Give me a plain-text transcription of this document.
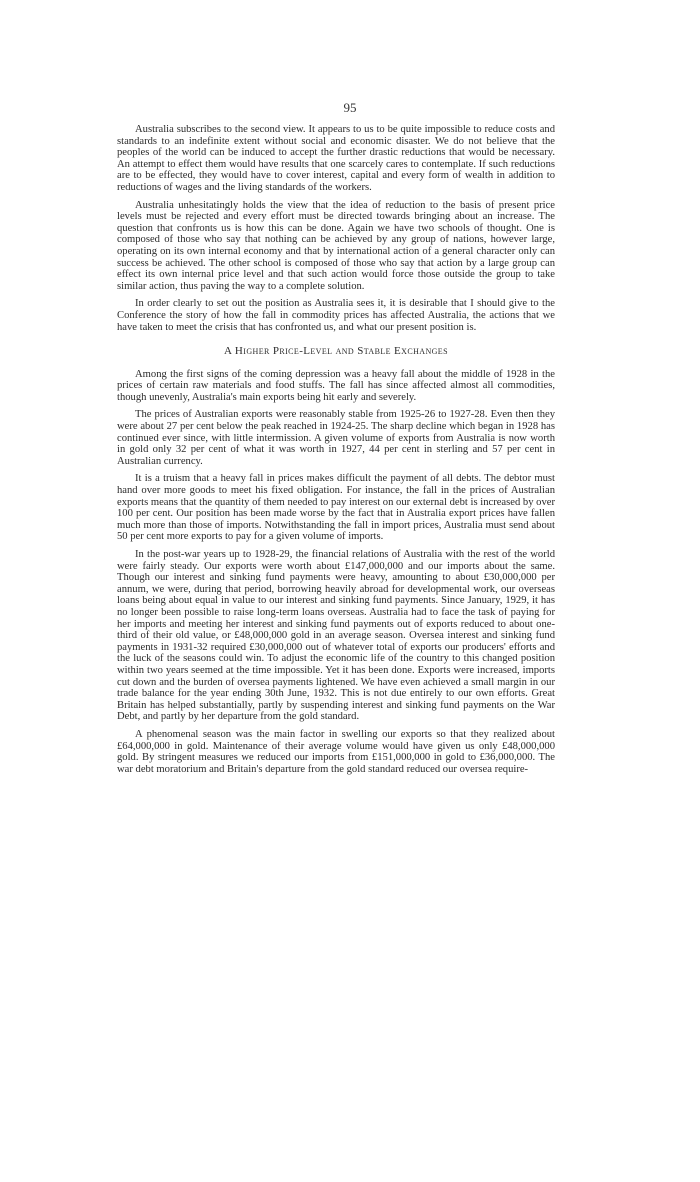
95

Australia subscribes to the second view. It appears to us to be quite impossible to reduce costs and standards to an indefinite extent without social and economic disaster. We do not believe that the peoples of the world can be induced to accept the further drastic reductions that would be necessary. An attempt to effect them would have results that one scarcely cares to contemplate. If such reductions are to be effected, they would have to cover interest, capital and every form of wealth in addition to reductions of wages and the living standards of the workers.

Australia unhesitatingly holds the view that the idea of reduction to the basis of present price levels must be rejected and every effort must be directed towards bringing about an increase. The question that confronts us is how this can be done. Again we have two schools of thought. One is composed of those who say that nothing can be achieved by any group of nations, however large, operating on its own internal economy and that by international action of a general character only can success be achieved. The other school is composed of those who say that action by a large group can effect its own internal price level and that such action would force those outside the group to take similar action, thus paving the way to a complete solution.

In order clearly to set out the position as Australia sees it, it is desirable that I should give to the Conference the story of how the fall in commodity prices has affected Australia, the actions that we have taken to meet the crisis that has confronted us, and what our present position is.

A Higher Price-Level and Stable Exchanges

Among the first signs of the coming depression was a heavy fall about the middle of 1928 in the prices of certain raw materials and food stuffs. The fall has since affected almost all commodities, though unevenly, Australia's main exports being hit early and severely.

The prices of Australian exports were reasonably stable from 1925-26 to 1927-28. Even then they were about 27 per cent below the peak reached in 1924-25. The sharp decline which began in 1928 has continued ever since, with little intermission. A given volume of exports from Australia is now worth in gold only 32 per cent of what it was worth in 1927, 44 per cent in sterling and 57 per cent in Australian currency.

It is a truism that a heavy fall in prices makes difficult the payment of all debts. The debtor must hand over more goods to meet his fixed obligation. For instance, the fall in the prices of Australian exports means that the quantity of them needed to pay interest on our external debt is increased by over 100 per cent. Our position has been made worse by the fact that in Australia export prices have fallen much more than those of imports. Notwithstanding the fall in import prices, Australia must send about 50 per cent more exports to pay for a given volume of imports.

In the post-war years up to 1928-29, the financial relations of Australia with the rest of the world were fairly steady. Our exports were worth about £147,000,000 and our imports about the same. Though our interest and sinking fund payments were heavy, amounting to about £30,000,000 per annum, we were, during that period, borrowing heavily abroad for developmental work, our overseas loans being about equal in value to our interest and sinking fund payments. Since January, 1929, it has no longer been possible to raise long-term loans overseas. Australia had to face the task of paying for her imports and meeting her interest and sinking fund payments out of exports reduced to about one-third of their old value, or £48,000,000 gold in an average season. Oversea interest and sinking fund payments in 1931-32 required £30,000,000 out of whatever total of exports our producers' efforts and the luck of the seasons could win. To adjust the economic life of the country to this changed position within two years seemed at the time impossible. Yet it has been done. Exports were increased, imports cut down and the burden of oversea payments lightened. We have even achieved a small margin in our trade balance for the year ending 30th June, 1932. This is not due entirely to our own efforts. Great Britain has helped substantially, partly by suspending interest and sinking fund payments on the War Debt, and partly by her departure from the gold standard.

A phenomenal season was the main factor in swelling our exports so that they realized about £64,000,000 in gold. Maintenance of their average volume would have given us only £48,000,000 gold. By stringent measures we reduced our imports from £151,000,000 in gold to £36,000,000. The war debt moratorium and Britain's departure from the gold standard reduced our oversea require-
